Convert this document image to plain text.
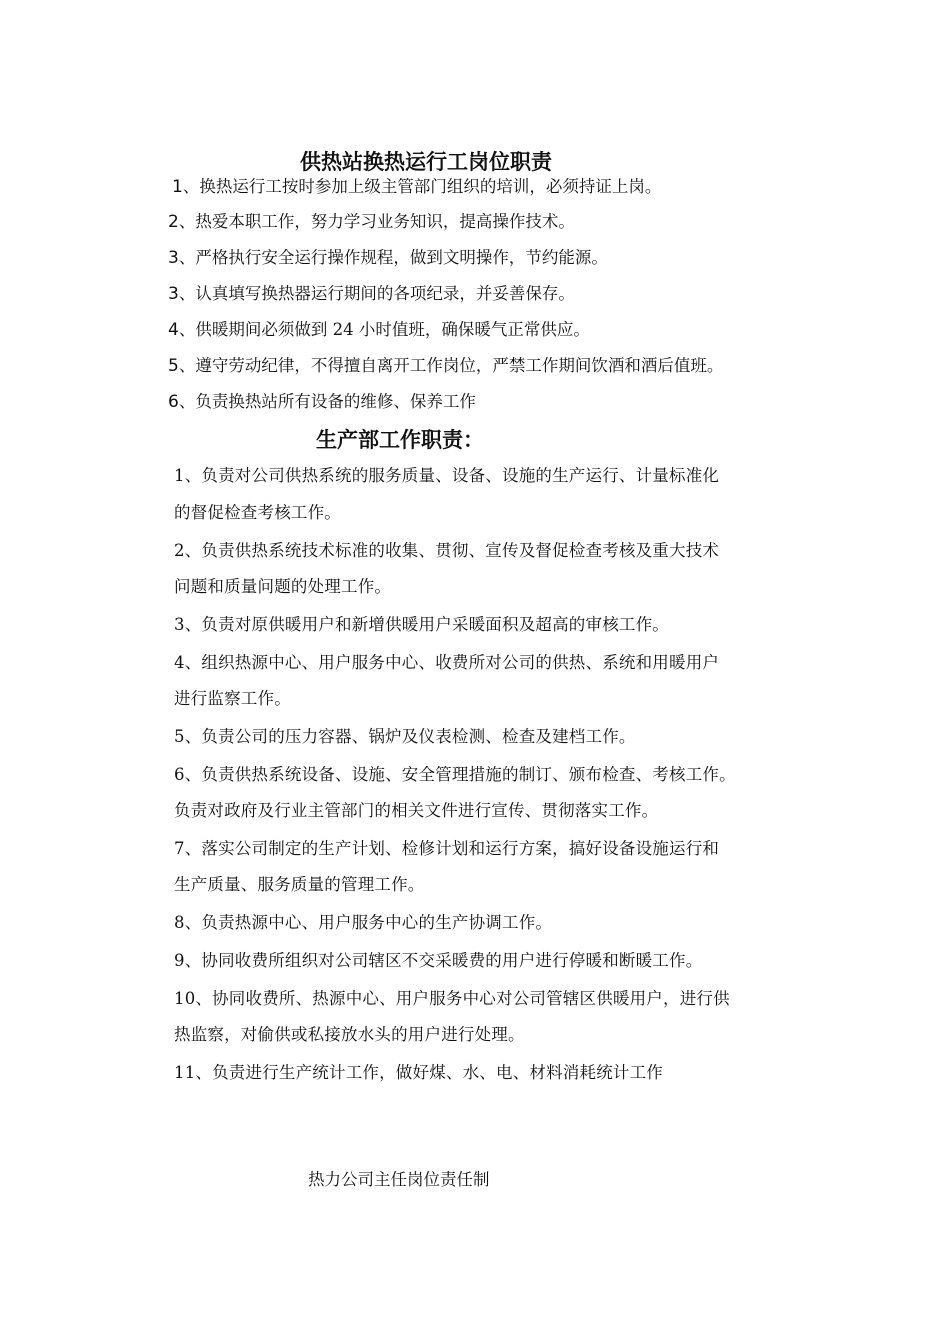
供热站换热运行工岗位职责
1、换热运行工按时参加上级主管部门组织的培训，必须持证上岗。
2、热爱本职工作，努力学习业务知识，提高操作技术。
3、严格执行安全运行操作规程，做到文明操作，节约能源。
3、认真填写换热器运行期间的各项纪录，并妥善保存。
4、供暖期间必须做到 24 小时值班，确保暖气正常供应。
5、遵守劳动纪律，不得擅自离开工作岗位，严禁工作期间饮酒和酒后值班。
6、负责换热站所有设备的维修、保养工作
生产部工作职责：
1、负责对公司供热系统的服务质量、设备、设施的生产运行、计量标准化
的督促检查考核工作。
2、负责供热系统技术标准的收集、贯彻、宣传及督促检查考核及重大技术
问题和质量问题的处理工作。
3、负责对原供暖用户和新增供暖用户采暖面积及超高的审核工作。
4、组织热源中心、用户服务中心、收费所对公司的供热、系统和用暖用户
进行监察工作。
5、负责公司的压力容器、锅炉及仪表检测、检查及建档工作。
6、负责供热系统设备、设施、安全管理措施的制订、颁布检查、考核工作。
负责对政府及行业主管部门的相关文件进行宣传、贯彻落实工作。
7、落实公司制定的生产计划、检修计划和运行方案，搞好设备设施运行和
生产质量、服务质量的管理工作。
8、负责热源中心、用户服务中心的生产协调工作。
9、协同收费所组织对公司辖区不交采暖费的用户进行停暖和断暖工作。
10、协同收费所、热源中心、用户服务中心对公司管辖区供暖用户，进行供
热监察，对偷供或私接放水头的用户进行处理。
11、负责进行生产统计工作，做好煤、水、电、材料消耗统计工作
热力公司主任岗位责任制
